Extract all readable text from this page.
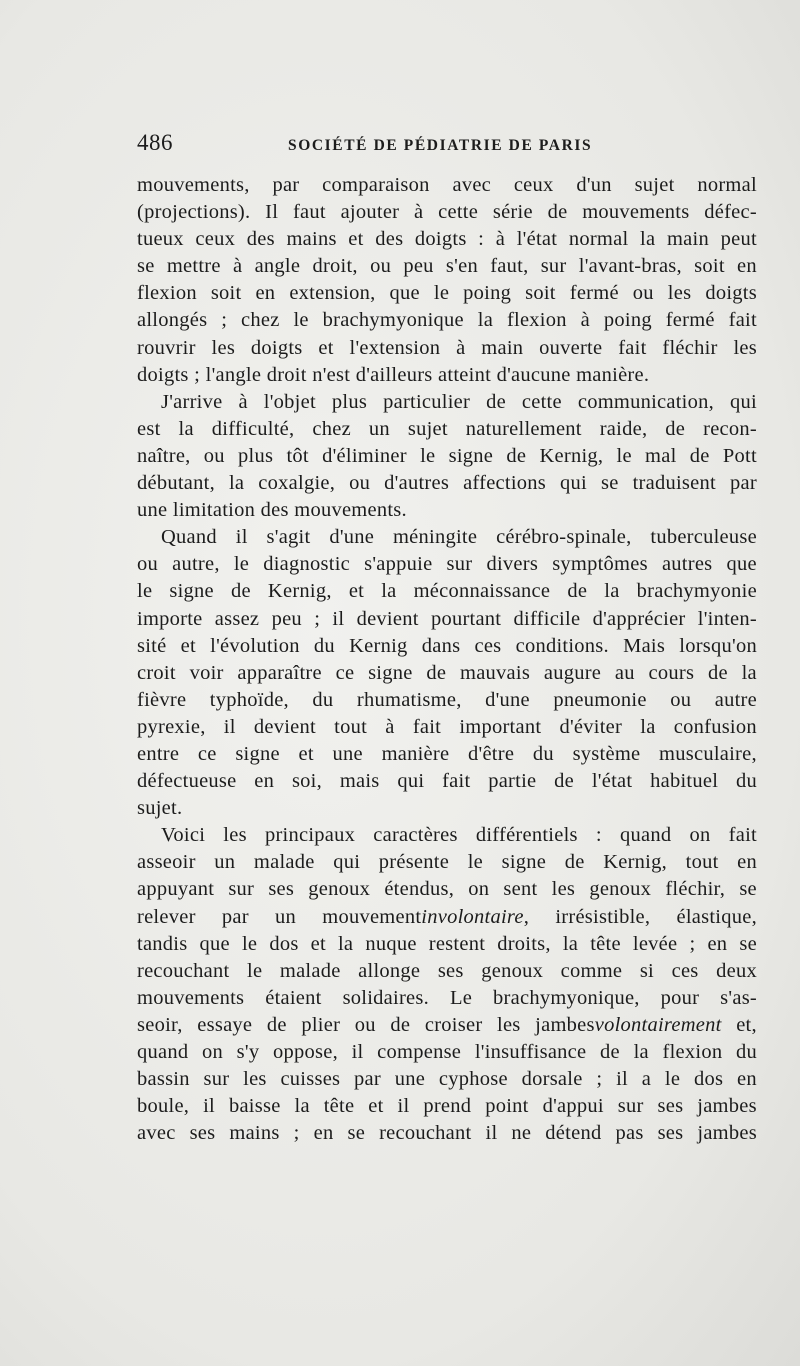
486	SOCIÉTÉ DE PÉDIATRIE DE PARIS
mouvements, par comparaison avec ceux d'un sujet normal
(projections). Il faut ajouter à cette série de mouvements défec-
tueux ceux des mains et des doigts : à l'état normal la main peut
se mettre à angle droit, ou peu s'en faut, sur l'avant-bras, soit en
flexion soit en extension, que le poing soit fermé ou les doigts
allongés ; chez le brachymyonique la flexion à poing fermé fait
rouvrir les doigts et l'extension à main ouverte fait fléchir les
doigts ; l'angle droit n'est d'ailleurs atteint d'aucune manière.
J'arrive à l'objet plus particulier de cette communication, qui
est la difficulté, chez un sujet naturellement raide, de recon-
naître, ou plus tôt d'éliminer le signe de Kernig, le mal de Pott
débutant, la coxalgie, ou d'autres affections qui se traduisent par
une limitation des mouvements.
Quand il s'agit d'une méningite cérébro-spinale, tuberculeuse
ou autre, le diagnostic s'appuie sur divers symptômes autres que
le signe de Kernig, et la méconnaissance de la brachymyonie
importe assez peu ; il devient pourtant difficile d'apprécier l'inten-
sité et l'évolution du Kernig dans ces conditions. Mais lorsqu'on
croit voir apparaître ce signe de mauvais augure au cours de la
fièvre typhoïde, du rhumatisme, d'une pneumonie ou autre
pyrexie, il devient tout à fait important d'éviter la confusion
entre ce signe et une manière d'être du système musculaire,
défectueuse en soi, mais qui fait partie de l'état habituel du
sujet.
Voici les principaux caractères différentiels : quand on fait
asseoir un malade qui présente le signe de Kernig, tout en
appuyant sur ses genoux étendus, on sent les genoux fléchir, se
relever par un mouvementinvolontaire, irrésistible, élastique,
tandis que le dos et la nuque restent droits, la tête levée ; en se
recouchant le malade allonge ses genoux comme si ces deux
mouvements étaient solidaires. Le brachymyonique, pour s'as-
seoir, essaye de plier ou de croiser les jambesvolontairement et,
quand on s'y oppose, il compense l'insuffisance de la flexion du
bassin sur les cuisses par une cyphose dorsale ; il a le dos en
boule, il baisse la tête et il prend point d'appui sur ses jambes
avec ses mains ; en se recouchant il ne détend pas ses jambes
